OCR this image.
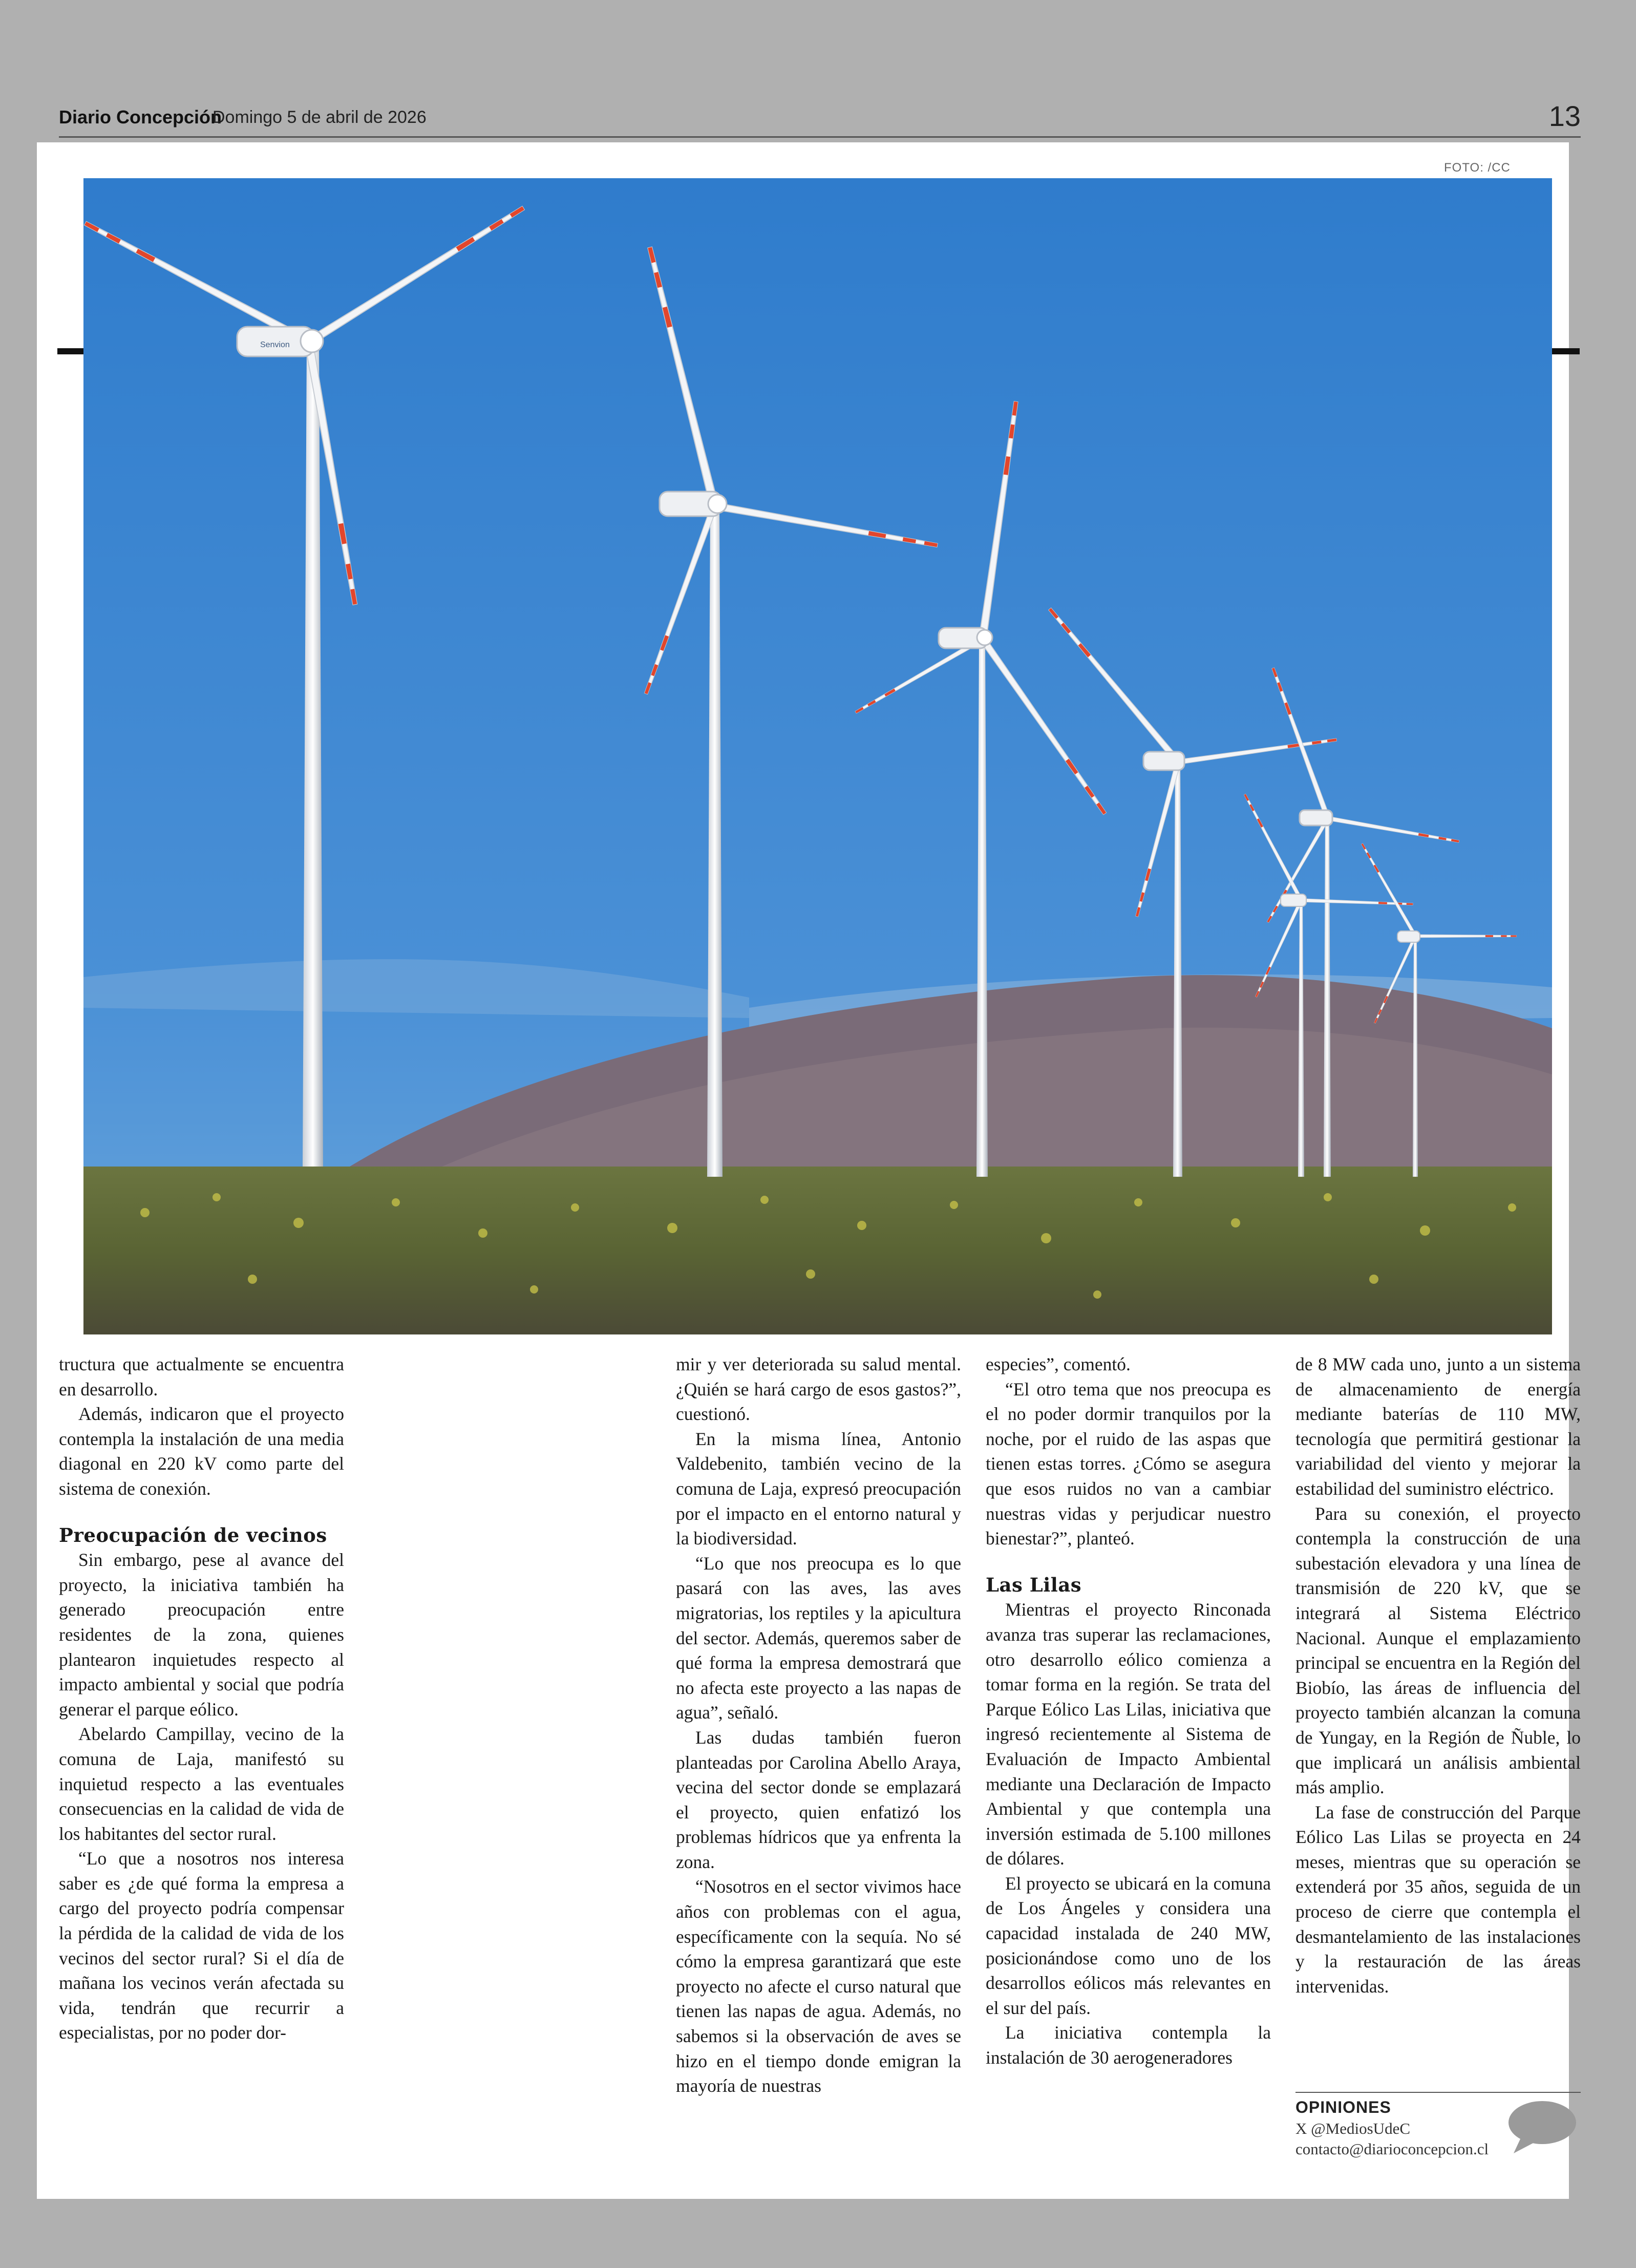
Diario Concepción
Domingo 5 de abril de 2026	13
FOTO: /CC
Senvion

tructura que actualmente se encuentra en desarrollo.

Además, indicaron que el proyecto contempla la instalación de una media diagonal en 220 kV como parte del sistema de conexión.

Preocupación de vecinos

Sin embargo, pese al avance del proyecto, la iniciativa también ha generado preocupación entre residentes de la zona, quienes plantearon inquietudes respecto al impacto ambiental y social que podría generar el parque eólico.

Abelardo Campillay, vecino de la comuna de Laja, manifestó su inquietud respecto a las eventuales consecuencias en la calidad de vida de los habitantes del sector rural.

“Lo que a nosotros nos interesa saber es ¿de qué forma la empresa a cargo del proyecto podría compensar la pérdida de la calidad de vida de los vecinos del sector rural? Si el día de mañana los vecinos verán afectada su vida, tendrán que recurrir a especialistas, por no poder dor-

mir y ver deteriorada su salud mental. ¿Quién se hará cargo de esos gastos?”, cuestionó.

En la misma línea, Antonio Valdebenito, también vecino de la comuna de Laja, expresó preocupación por el impacto en el entorno natural y la biodiversidad.

“Lo que nos preocupa es lo que pasará con las aves, las aves migratorias, los reptiles y la apicultura del sector. Además, queremos saber de qué forma la empresa demostrará que no afecta este proyecto a las napas de agua”, señaló.

Las dudas también fueron planteadas por Carolina Abello Araya, vecina del sector donde se emplazará el proyecto, quien enfatizó los problemas hídricos que ya enfrenta la zona.

“Nosotros en el sector vivimos hace años con problemas con el agua, específicamente con la sequía. No sé cómo la empresa garantizará que este proyecto no afecte el curso natural que tienen las napas de agua. Además, no sabemos si la observación de aves se hizo en el tiempo donde emigran la mayoría de nuestras

especies”, comentó.

“El otro tema que nos preocupa es el no poder dormir tranquilos por la noche, por el ruido de las aspas que tienen estas torres. ¿Cómo se asegura que esos ruidos no van a cambiar nuestras vidas y perjudicar nuestro bienestar?”, planteó.

Las Lilas

Mientras el proyecto Rinconada avanza tras superar las reclamaciones, otro desarrollo eólico comienza a tomar forma en la región. Se trata del Parque Eólico Las Lilas, iniciativa que ingresó recientemente al Sistema de Evaluación de Impacto Ambiental mediante una Declaración de Impacto Ambiental y que contempla una inversión estimada de 5.100 millones de dólares.

El proyecto se ubicará en la comuna de Los Ángeles y considera una capacidad instalada de 240 MW, posicionándose como uno de los desarrollos eólicos más relevantes en el sur del país.

La iniciativa contempla la instalación de 30 aerogeneradores

de 8 MW cada uno, junto a un sistema de almacenamiento de energía mediante baterías de 110 MW, tecnología que permitirá gestionar la variabilidad del viento y mejorar la estabilidad del suministro eléctrico.

Para su conexión, el proyecto contempla la construcción de una subestación elevadora y una línea de transmisión de 220 kV, que se integrará al Sistema Eléctrico Nacional. Aunque el emplazamiento principal se encuentra en la Región del Biobío, las áreas de influencia del proyecto también alcanzan la comuna de Yungay, en la Región de Ñuble, lo que implicará un análisis ambiental más amplio.

La fase de construcción del Parque Eólico Las Lilas se proyecta en 24 meses, mientras que su operación se extenderá por 35 años, seguida de un proceso de cierre que contempla el desmantelamiento de las instalaciones y la restauración de las áreas intervenidas.

OPINIONES
X @MediosUdeC
contacto@diarioconcepcion.cl
